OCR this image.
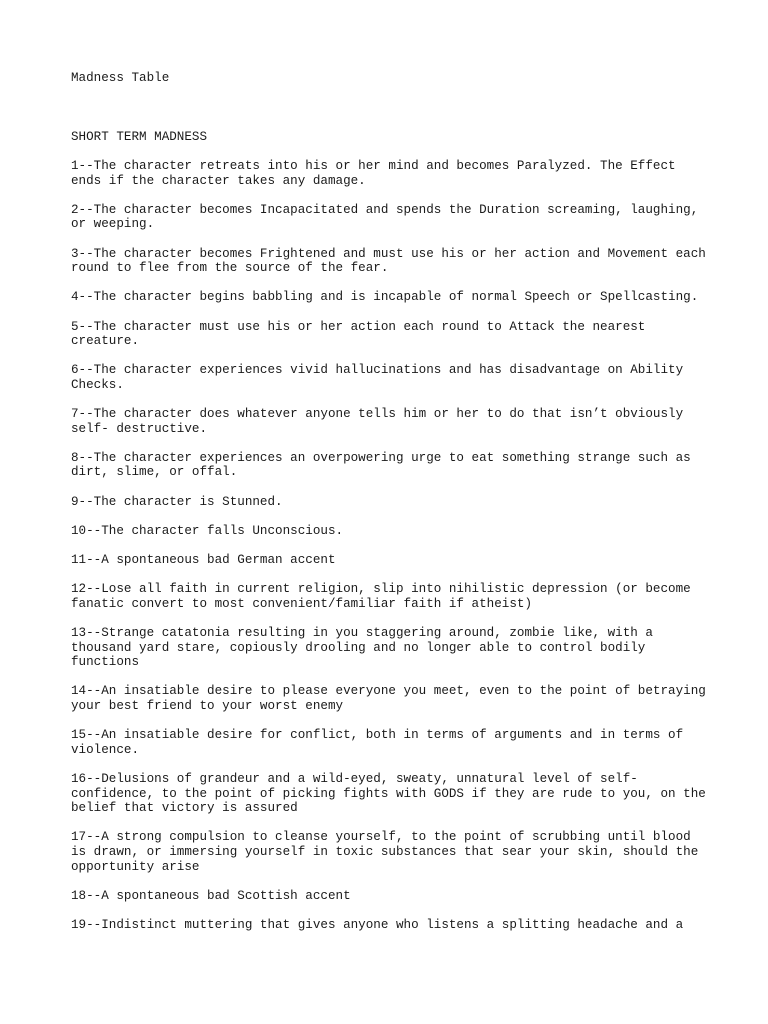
Madness Table
SHORT TERM MADNESS
1--The character retreats into his or her mind and becomes Paralyzed. The Effect ends if the character takes any damage.
2--The character becomes Incapacitated and spends the Duration screaming, laughing, or weeping.
3--The character becomes Frightened and must use his or her action and Movement each round to flee from the source of the fear.
4--The character begins babbling and is incapable of normal Speech or Spellcasting.
5--The character must use his or her action each round to Attack the nearest creature.
6--The character experiences vivid hallucinations and has disadvantage on Ability Checks.
7--The character does whatever anyone tells him or her to do that isn’t obviously self- destructive.
8--The character experiences an overpowering urge to eat something strange such as dirt, slime, or offal.
9--The character is Stunned.
10--The character falls Unconscious.
11--A spontaneous bad German accent
12--Lose all faith in current religion, slip into nihilistic depression (or become fanatic convert to most convenient/familiar faith if atheist)
13--Strange catatonia resulting in you staggering around, zombie like, with a thousand yard stare, copiously drooling and no longer able to control bodily functions
14--An insatiable desire to please everyone you meet, even to the point of betraying your best friend to your worst enemy
15--An insatiable desire for conflict, both in terms of arguments and in terms of violence.
16--Delusions of grandeur and a wild-eyed, sweaty, unnatural level of self-confidence, to the point of picking fights with GODS if they are rude to you, on the belief that victory is assured
17--A strong compulsion to cleanse yourself, to the point of scrubbing until blood is drawn, or immersing yourself in toxic substances that sear your skin, should the opportunity arise
18--A spontaneous bad Scottish accent
19--Indistinct muttering that gives anyone who listens a splitting headache and a
